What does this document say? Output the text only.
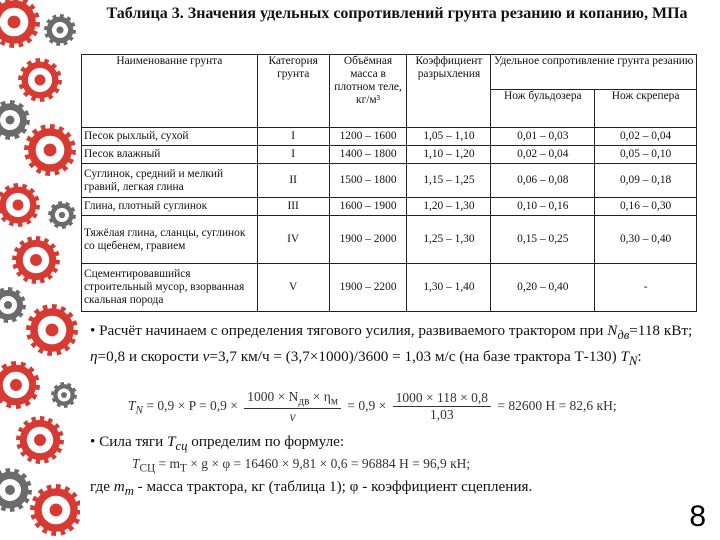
Таблица 3. Значения удельных сопротивлений грунта резанию и копанию, МПа
Наименование грунта	Категория грунта	Объёмная масса в плотном теле, кг/м³	Коэффициент разрыхления	Удельное сопротивление грунта резанию	
				Нож бульдозера	Нож скрепера
Песок рыхлый, сухой	I	1200 – 1600	1,05 – 1,10	0,01 – 0,03	0,02 – 0,04
Песок влажный	I	1400 – 1800	1,10 – 1,20	0,02 – 0,04	0,05 – 0,10
Суглинок, средний и мелкий гравий, легкая глина	II	1500 – 1800	1,15 – 1,25	0,06 – 0,08	0,09 – 0,18
Глина, плотный суглинок	III	1600 – 1900	1,20 – 1,30	0,10 – 0,16	0,16 – 0,30
Тяжёлая глина, сланцы, суглинок со щебенем, гравием	IV	1900 – 2000	1,25 – 1,30	0,15 – 0,25	0,30 – 0,40
Сцементировавшийся строительный мусор, взорванная скальная порода	V	1900 – 2200	1,30 – 1,40	0,20 – 0,40	-
• Расчёт начинаем с определения тягового усилия, развиваемого трактором при $N_{дв}=118$ кВт; η=0,8 и скорости v=3,7 км/ч = (3,7×1000)/3600 = 1,03 м/с (на базе трактора Т-130) $T_N$:
$T_N = 0,9 \times P = 0,9 \times \frac{1000 \times N_{дв} \times \eta_м}{v} = 0,9 \times \frac{1000 \times 118 \times 0,8}{1,03} = 82600$ Н = 82,6 кН;
• Сила тяги $T_{сц}$ определим по формуле:
$T_{СЦ} = m_T \times g \times \varphi = 16460 \times 9,81 \times 0,6 = 96884$ Н = 96,9 кН;
где $m_т$ - масса трактора, кг (таблица 1); φ - коэффициент сцепления.
8
